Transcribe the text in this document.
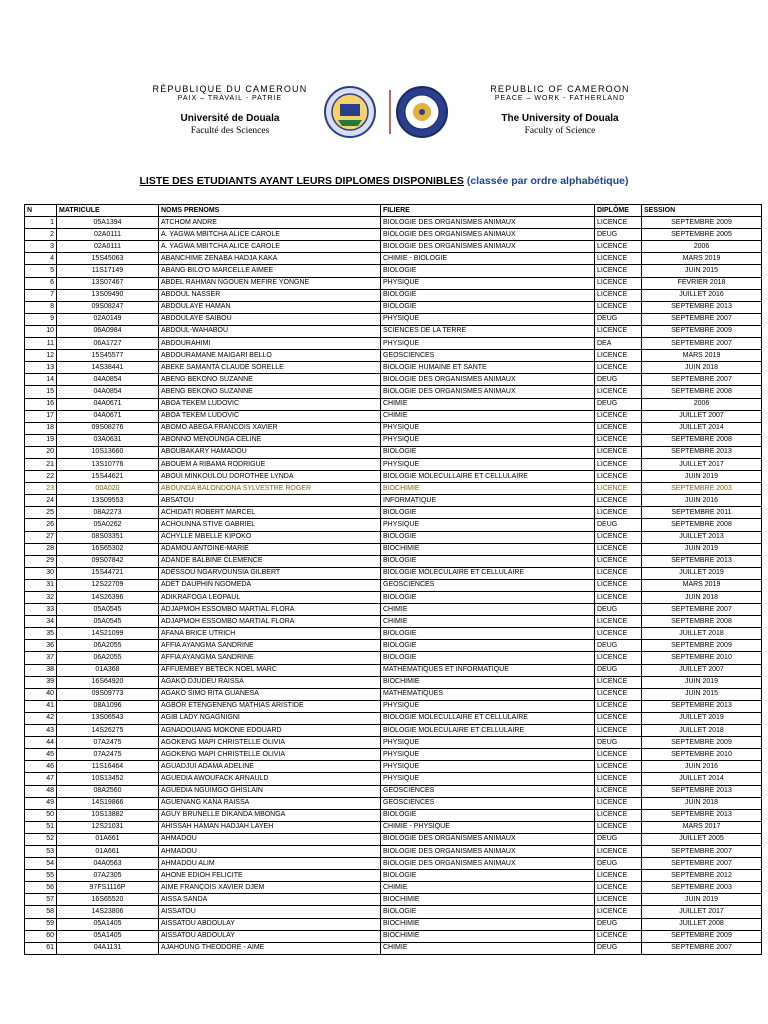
RÉPUBLIQUE DU CAMEROUN
PAIX – TRAVAIL - PATRIE
Université de Douala
Faculté des Sciences
REPUBLIC OF CAMEROON
PEACE – WORK - FATHERLAND
The University of Douala
Faculty of Science
LISTE DES ETUDIANTS AYANT LEURS DIPLOMES DISPONIBLES (classée par ordre alphabétique)
N	MATRICULE	NOMS PRENOMS	FILIERE	DIPLÔME	SESSION
1	05A1394	ATCHOM ANDRE	BIOLOGIE DES ORGANISMES ANIMAUX	LICENCE	SEPTEMBRE 2009
2	02A0111	A. YAGWA MBITCHA ALICE CAROLE	BIOLOGIE DES ORGANISMES ANIMAUX	DEUG	SEPTEMBRE 2005
3	02A0111	A. YAGWA MBITCHA ALICE CAROLE	BIOLOGIE DES ORGANISMES ANIMAUX	LICENCE	2006
4	15S45063	ABANCHIME ZENABA HADJA KAKA	CHIMIE - BIOLOGIE	LICENCE	MARS 2019
5	11S17149	ABANG BILO'O MARCELLE AIMEE	BIOLOGIE	LICENCE	JUIN 2015
6	13S07467	ABDEL RAHMAN NGOUEN MEFIRE YONGNE	PHYSIQUE	LICENCE	FEVRIER 2018
7	13S09490	ABDOUL NASSER	BIOLOGIE	LICENCE	JUILLET 2016
8	09S08247	ABDOULAYE HAMAN	BIOLOGIE	LICENCE	SEPTEMBRE 2013
9	02A0149	ABDOULAYE SAIBOU	PHYSIQUE	DEUG	SEPTEMBRE 2007
10	06A0984	ABDOUL-WAHABOU	SCIENCES DE LA TERRE	LICENCE	SEPTEMBRE 2009
11	06A1727	ABDOURAHIMI	PHYSIQUE	DEA	SEPTEMBRE 2007
12	15S45577	ABDOURAMANE MAIGARI BELLO	GEOSCIENCES	LICENCE	MARS 2019
13	14S38441	ABEKE SAMANTA CLAUDE SORELLE	BIOLOGIE HUMAINE ET SANTE	LICENCE	JUIN 2018
14	04A0854	ABENG BEKONO SUZANNE	BIOLOGIE DES ORGANISMES ANIMAUX	DEUG	SEPTEMBRE 2007
15	04A0854	ABENG BEKONO SUZANNE	BIOLOGIE DES ORGANISMES ANIMAUX	LICENCE	SEPTEMBRE 2008
16	04A0671	ABOA TEKEM LUDOVIC	CHIMIE	DEUG	2006
17	04A0671	ABOA TEKEM LUDOVIC	CHIMIE	LICENCE	JUILLET 2007
18	09S08276	ABOMO ABEGA FRANCOIS XAVIER	PHYSIQUE	LICENCE	JUILLET 2014
19	03A0631	ABONNO MENOUNGA CELINE	PHYSIQUE	LICENCE	SEPTEMBRE 2008
20	10S13660	ABOUBAKARY HAMADOU	BIOLOGIE	LICENCE	SEPTEMBRE 2013
21	13S10776	ABOUEM A RIBAMA RODRIGUE	PHYSIQUE	LICENCE	JUILLET 2017
22	15S44621	ABOUI MINKOULOU DOROTHEE LYNDA	BIOLOGIE MOLECULLAIRE ET CELLULAIRE	LICENCE	JUIN 2019
23	00A020	ABOUNDA BALONDONA SYLVESTRE ROGER	BIOCHIMIE	LICENCE	SEPTEMBRE 2003
24	13S09553	ABSATOU	INFORMATIQUE	LICENCE	JUIN 2016
25	08A2273	ACHIDATI ROBERT MARCEL	BIOLOGIE	LICENCE	SEPTEMBRE 2011
26	05A0262	ACHOUNNA STIVE GABRIEL	PHYSIQUE	DEUG	SEPTEMBRE 2008
27	08S03351	ACHYLLE MBELLE KIPOKO	BIOLOGIE	LICENCE	JUILLET 2013
28	16S65302	ADAMOU ANTOINE-MARIE	BIOCHIMIE	LICENCE	JUIN 2019
29	09S07842	ADANDE BALBINE CLEMENCE	BIOLOGIE	LICENCE	SEPTEMBRE 2013
30	15S44721	ADESSOU NGARVOUNSIA GILBERT	BIOLOGIE MOLECULAIRE ET CELLULAIRE	LICENCE	JUILLET 2019
31	12S22709	ADET DAUPHIN NGOMEDA	GEOSCIENCES	LICENCE	MARS 2019
32	14S26396	ADIKRAFOGA LEOPAUL	BIOLOGIE	LICENCE	JUIN 2018
33	05A0545	ADJAPMOH ESSOMBO MARTIAL FLORA	CHIMIE	DEUG	SEPTEMBRE 2007
34	05A0545	ADJAPMOH ESSOMBO MARTIAL FLORA	CHIMIE	LICENCE	SEPTEMBRE 2008
35	14S21099	AFANA BRICE UTRICH	BIOLOGIE	LICENCE	JUILLET 2018
36	06A2055	AFFIA AYANGMA SANDRINE	BIOLOGIE	DEUG	SEPTEMBRE 2009
37	06A2055	AFFIA AYANGMA SANDRINE	BIOLOGIE	LICENCE	SEPTEMBRE 2010
38	01A368	AFFUEMBEY BETECK NOEL MARC	MATHEMATIQUES ET INFORMATIQUE	DEUG	JUILLET 2007
39	16S64920	AGAKO DJUDEU RAISSA	BIOCHIMIE	LICENCE	JUIN 2019
40	09S09773	AGAKO SIMO RITA GUANESA	MATHEMATIQUES	LICENCE	JUIN 2015
41	08A1096	AGBOR ETENGENENG MATHIAS ARISTIDE	PHYSIQUE	LICENCE	SEPTEMBRE 2013
42	13S06543	AGIB LADY NGAGNIGNI	BIOLOGIE MOLECULLAIRE ET CELLULAIRE	LICENCE	JUILLET 2019
43	14S26275	AGNADOUANG MOKONE EDOUARD	BIOLOGIE MOLECULAIRE ET CELLULAIRE	LICENCE	JUILLET 2018
44	07A2475	AGOKENG MAPI CHRISTELLE OLIVIA	PHYSIQUE	DEUG	SEPTEMBRE 2009
45	07A2475	AGOKENG MAPI CHRISTELLE OLIVIA	PHYSIQUE	LICENCE	SEPTEMBRE 2010
46	11S16464	AGUADJUI ADAMA ADELINE	PHYSIQUE	LICENCE	JUIN 2016
47	10S13452	AGUEDIA AWOUFACK ARNAULD	PHYSIQUE	LICENCE	JUILLET 2014
48	08A2560	AGUEDIA NGUIMGO GHISLAIN	GEOSCIENCES	LICENCE	SEPTEMBRE 2013
49	14S19866	AGUENANG KANA RAISSA	GEOSCIENCES	LICENCE	JUIN 2018
50	10S13882	AGUY BRUNELLE DIKANDA MBONGA	BIOLOGIE	LICENCE	SEPTEMBRE 2013
51	12S21031	AHISSAH HAMAN HADJAH LAYEH	CHIMIE - PHYSIQUE	LICENCE	MARS 2017
52	01A661	AHMADOU	BIOLOGIE DES ORGANISMES ANIMAUX	DEUG	JUILLET 2005
53	01A661	AHMADOU	BIOLOGIE DES ORGANISMES ANIMAUX	LICENCE	SEPTEMBRE 2007
54	04A0563	AHMADOU ALIM	BIOLOGIE DES ORGANISMES ANIMAUX	DEUG	SEPTEMBRE 2007
55	07A2305	AHONE EDIOH FELICITE	BIOLOGIE	LICENCE	SEPTEMBRE 2012
56	97FS1116P	AIME FRANÇOIS XAVIER DJEM	CHIMIE	LICENCE	SEPTEMBRE 2003
57	16S65520	AISSA SANDA	BIOCHIMIE	LICENCE	JUIN 2019
58	14S23806	AISSATOU	BIOLOGIE	LICENCE	JUILLET 2017
59	05A1405	AISSATOU ABDOULAY	BIOCHIMIE	DEUG	JUILLET 2008
60	05A1405	AISSATOU ABDOULAY	BIOCHIMIE	LICENCE	SEPTEMBRE 2009
61	04A1131	AJAHOUNG THEODORE - AIME	CHIMIE	DEUG	SEPTEMBRE 2007
